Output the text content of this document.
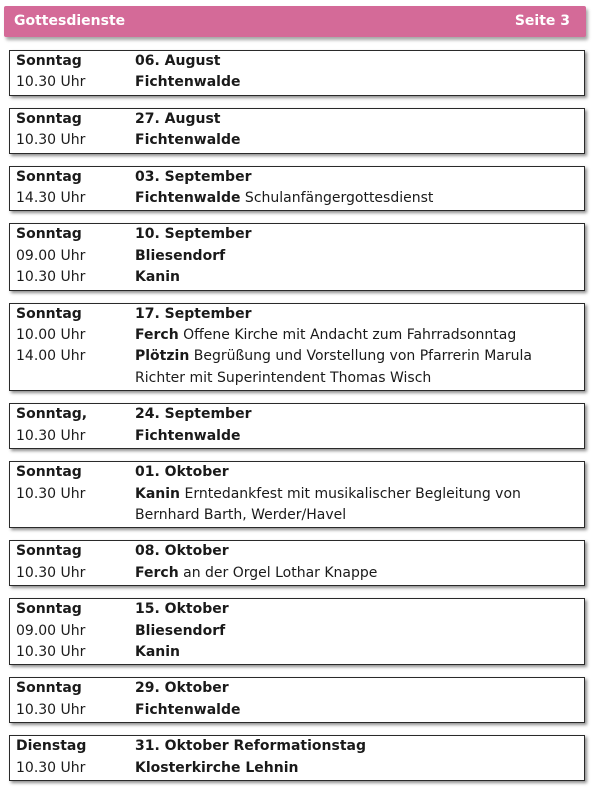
Gottesdienste	Seite 3
Sonntag	06. August
10.30 Uhr	Fichtenwalde
Sonntag	27. August
10.30 Uhr	Fichtenwalde
Sonntag	03. September
14.30 Uhr	Fichtenwalde Schulanfängergottesdienst
Sonntag	10. September
09.00 Uhr	Bliesendorf
10.30 Uhr	Kanin
Sonntag	17. September
10.00 Uhr	Ferch Offene Kirche mit Andacht zum Fahrradsonntag
14.00 Uhr	Plötzin Begrüßung und Vorstellung von Pfarrerin Marula
Richter mit Superintendent Thomas Wisch
Sonntag,	24. September
10.30 Uhr	Fichtenwalde
Sonntag	01. Oktober
10.30 Uhr	Kanin Erntedankfest mit musikalischer Begleitung von
Bernhard Barth, Werder/Havel
Sonntag	08. Oktober
10.30 Uhr	Ferch an der Orgel Lothar Knappe
Sonntag	15. Oktober
09.00 Uhr	Bliesendorf
10.30 Uhr	Kanin
Sonntag	29. Oktober
10.30 Uhr	Fichtenwalde
Dienstag	31. Oktober Reformationstag
10.30 Uhr	Klosterkirche Lehnin
